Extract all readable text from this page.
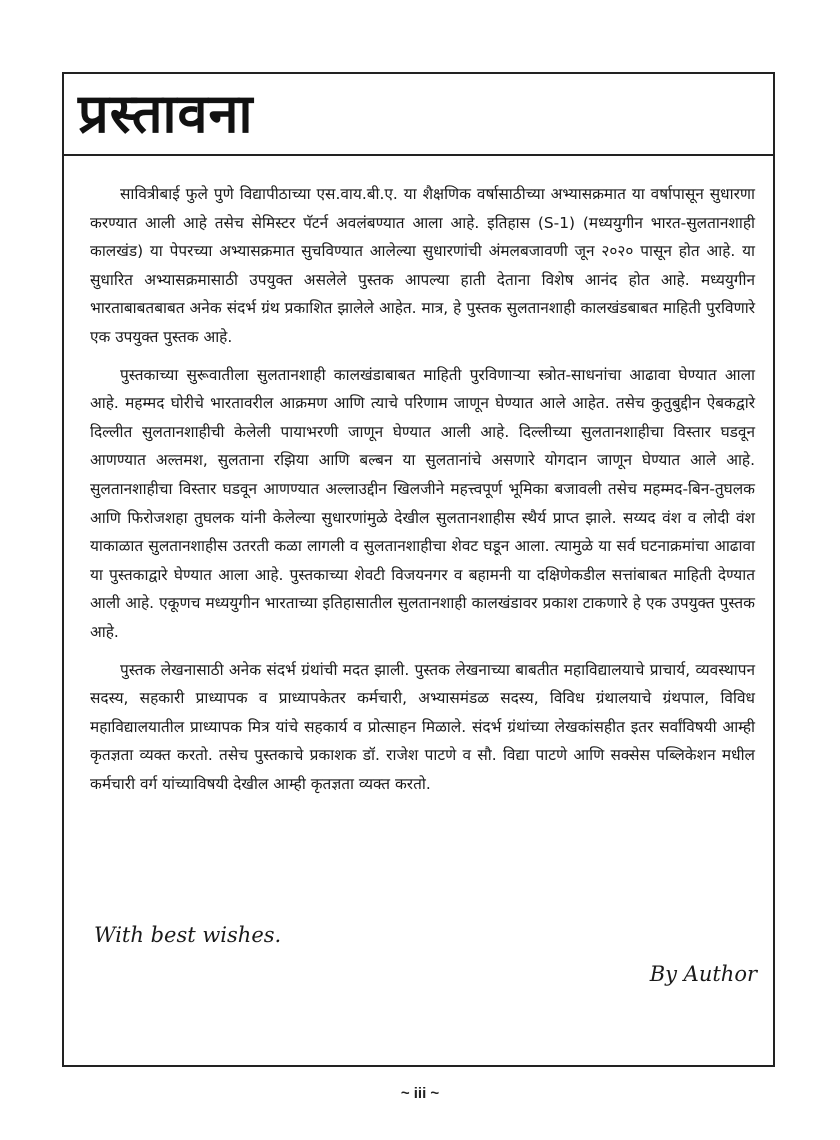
प्रस्तावना

सावित्रीबाई फुले पुणे विद्यापीठाच्या एस.वाय.बी.ए. या शैक्षणिक वर्षासाठीच्या अभ्यासक्रमात या वर्षापासून सुधारणा करण्यात आली आहे तसेच सेमिस्टर पॅटर्न अवलंबण्यात आला आहे. इतिहास (S-1) (मध्ययुगीन भारत-सुलतानशाही कालखंड) या पेपरच्या अभ्यासक्रमात सुचविण्यात आलेल्या सुधारणांची अंमलबजावणी जून २०२० पासून होत आहे. या सुधारित अभ्यासक्रमासाठी उपयुक्त असलेले पुस्तक आपल्या हाती देताना विशेष आनंद होत आहे. मध्ययुगीन भारताबाबतबाबत अनेक संदर्भ ग्रंथ प्रकाशित झालेले आहेत. मात्र, हे पुस्तक सुलतानशाही कालखंडबाबत माहिती पुरविणारे एक उपयुक्त पुस्तक आहे.

पुस्तकाच्या सुरूवातीला सुलतानशाही कालखंडाबाबत माहिती पुरविणाऱ्या स्त्रोत-साधनांचा आढावा घेण्यात आला आहे. महम्मद घोरीचे भारतावरील आक्रमण आणि त्याचे परिणाम जाणून घेण्यात आले आहेत. तसेच कुतुबुद्दीन ऐबकद्वारे दिल्लीत सुलतानशाहीची केलेली पायाभरणी जाणून घेण्यात आली आहे. दिल्लीच्या सुलतानशाहीचा विस्तार घडवून आणण्यात अल्तमश, सुलताना रझिया आणि बल्बन या सुलतानांचे असणारे योगदान जाणून घेण्यात आले आहे. सुलतानशाहीचा विस्तार घडवून आणण्यात अल्लाउद्दीन खिलजीने महत्त्वपूर्ण भूमिका बजावली तसेच महम्मद-बिन-तुघलक आणि फिरोजशहा तुघलक यांनी केलेल्या सुधारणांमुळे देखील सुलतानशाहीस स्थैर्य प्राप्त झाले. सय्यद वंश व लोदी वंश याकाळात सुलतानशाहीस उतरती कळा लागली व सुलतानशाहीचा शेवट घडून आला. त्यामुळे या सर्व घटनाक्रमांचा आढावा या पुस्तकाद्वारे घेण्यात आला आहे. पुस्तकाच्या शेवटी विजयनगर व बहामनी या दक्षिणेकडील सत्तांबाबत माहिती देण्यात आली आहे. एकूणच मध्ययुगीन भारताच्या इतिहासातील सुलतानशाही कालखंडावर प्रकाश टाकणारे हे एक उपयुक्त पुस्तक आहे.

पुस्तक लेखनासाठी अनेक संदर्भ ग्रंथांची मदत झाली. पुस्तक लेखनाच्या बाबतीत महाविद्यालयाचे प्राचार्य, व्यवस्थापन सदस्य, सहकारी प्राध्यापक व प्राध्यापकेतर कर्मचारी, अभ्यासमंडळ सदस्य, विविध ग्रंथालयाचे ग्रंथपाल, विविध महाविद्यालयातील प्राध्यापक मित्र यांचे सहकार्य व प्रोत्साहन मिळाले. संदर्भ ग्रंथांच्या लेखकांसहीत इतर सर्वांविषयी आम्ही कृतज्ञता व्यक्त करतो. तसेच पुस्तकाचे प्रकाशक डॉ. राजेश पाटणे व सौ. विद्या पाटणे आणि सक्सेस पब्लिकेशन मधील कर्मचारी वर्ग यांच्याविषयी देखील आम्ही कृतज्ञता व्यक्त करतो.

With best wishes.

By Author

~ iii ~
